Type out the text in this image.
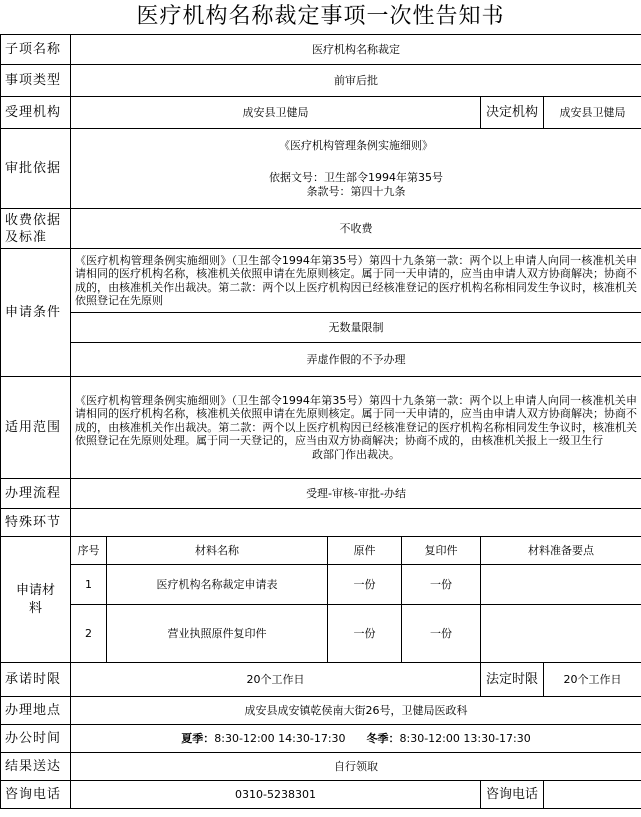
医疗机构名称裁定事项一次性告知书
子项名称	医疗机构名称裁定					
事项类型	前审后批					
受理机构	成安县卫健局				决定机构	成安县卫健局
审批依据	《医疗机构管理条例实施细则》
依据文号：卫生部令1994年第35号
条款号：第四十九条					

收费依据及标准	不收费					
申请条件	《医疗机构管理条例实施细则》（卫生部令1994年第35号）第四十九条第一款：两个以上申请人向同一核准机关申请相同的医疗机构名称，核准机关依照申请在先原则核定。属于同一天申请的，应当由申请人双方协商解决；协商不成的，由核准机关作出裁决。第二款：两个以上医疗机构因已经核准登记的医疗机构名称相同发生争议时，核准机关依照登记在先原则					
	无数量限制					
	弄虚作假的不予办理					
适用范围	《医疗机构管理条例实施细则》（卫生部令1994年第35号）第四十九条第一款：两个以上申请人向同一核准机关申请相同的医疗机构名称，核准机关依照申请在先原则核定。属于同一天申请的，应当由申请人双方协商解决；协商不成的，由核准机关作出裁决。第二款：两个以上医疗机构因已经核准登记的医疗机构名称相同发生争议时，核准机关依照登记在先原则处理。属于同一天登记的，应当由双方协商解决；协商不成的，由核准机关报上一级卫生行
政部门作出裁决。					

办理流程	受理-审核-审批-办结					
特殊环节						
申请材料	序号	材料名称	原件	复印件	材料准备要点	
	1	医疗机构名称裁定申请表	一份	一份		
	2	营业执照原件复印件	一份	一份		
承诺时限	20个工作日				法定时限	20个工作日
办理地点	成安县成安镇乾侯南大街26号，卫健局医政科					
办公时间	夏季：8:30-12:00 14:30-17:30 冬季：8:30-12:00 13:30-17:30					
结果送达	自行领取					
咨询电话	0310-5238301				咨询电话	
